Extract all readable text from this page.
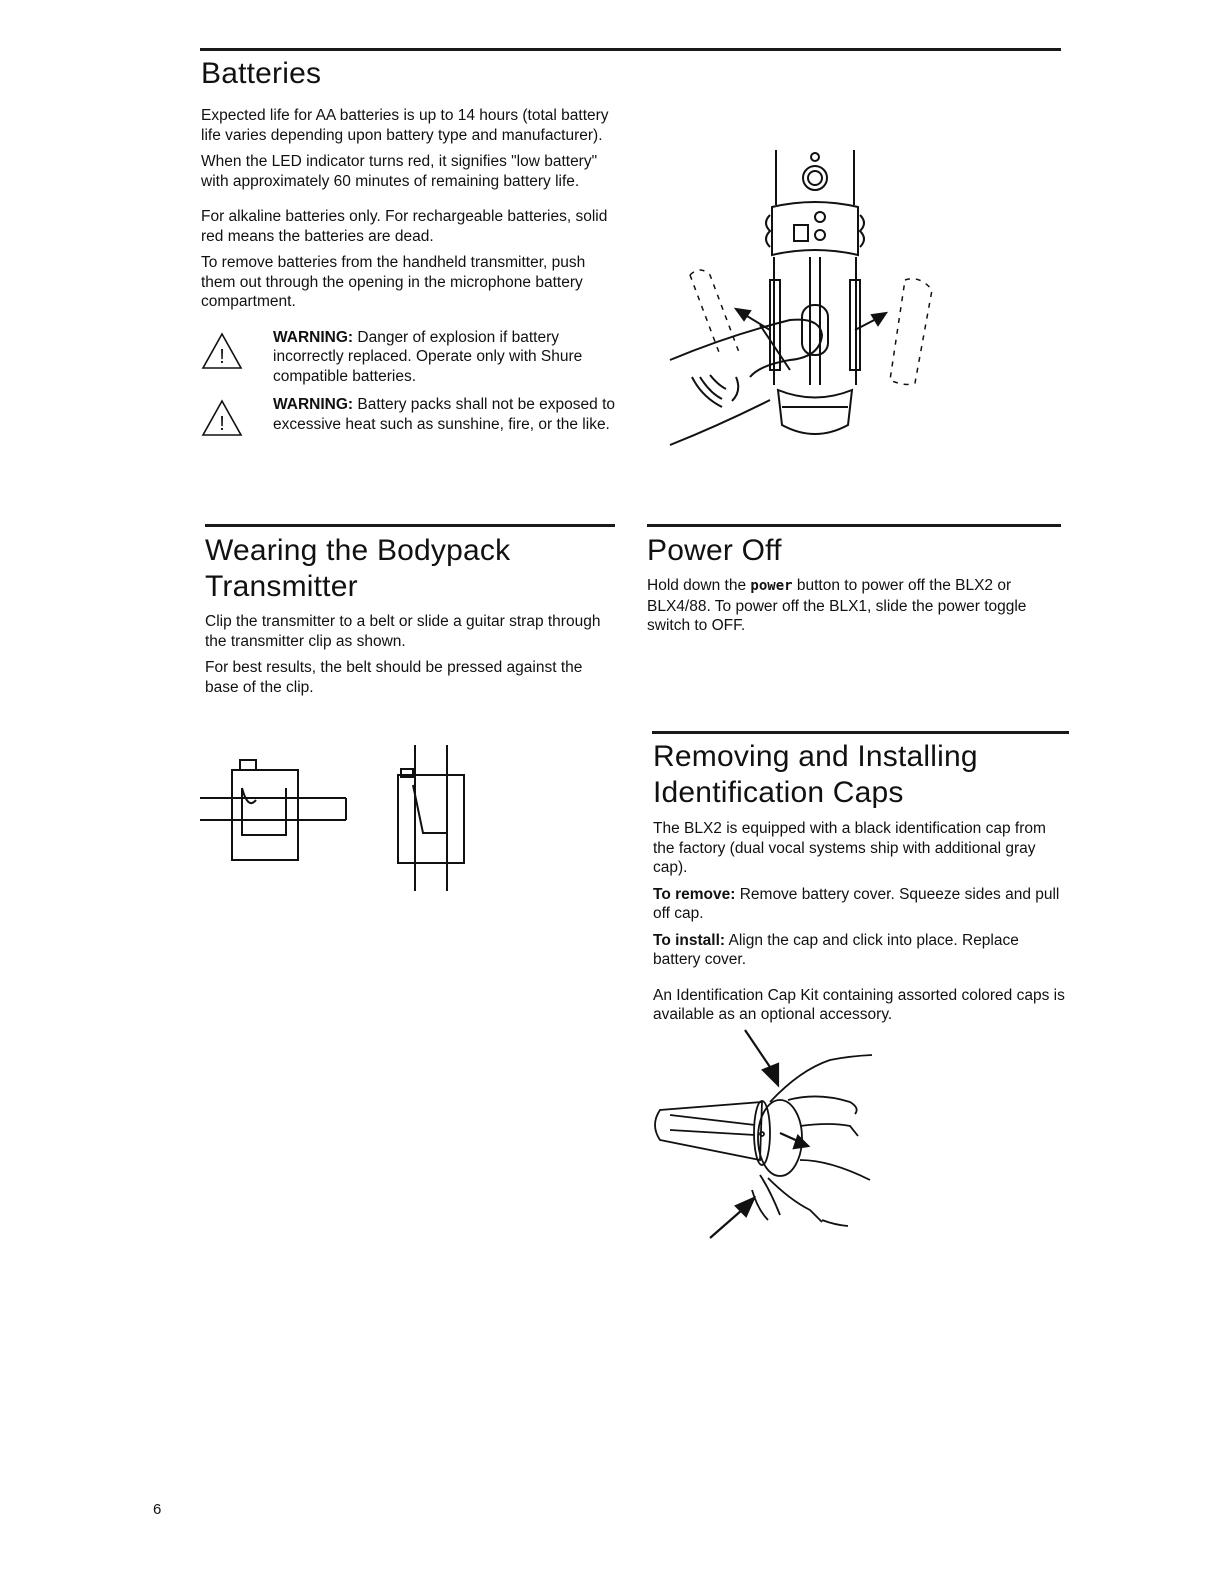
Batteries

Expected life for AA batteries is up to 14 hours (total battery life varies depending upon battery type and manufacturer).

When the LED indicator turns red, it signifies "low battery" with approximately 60 minutes of remaining battery life.

For alkaline batteries only. For rechargeable batteries, solid red means the batteries are dead.

To remove batteries from the handheld transmitter, push them out through the opening in the microphone battery compartment.

!
WARNING: Danger of explosion if battery incorrectly replaced. Operate only with Shure compatible batteries.
!
WARNING: Battery packs shall not be exposed to excessive heat such as sunshine, fire, or the like.
Wearing the Bodypack
Transmitter

Clip the transmitter to a belt or slide a guitar strap through the transmitter clip as shown.

For best results, the belt should be pressed against the base of the clip.

Power Off

Hold down the power button to power off the BLX2 or BLX4/88. To power off the BLX1, slide the power toggle switch to OFF.

Removing and Installing
Identification Caps

The BLX2 is equipped with a black identification cap from the factory (dual vocal systems ship with additional gray cap).

To remove: Remove battery cover. Squeeze sides and pull off cap.

To install: Align the cap and click into place. Replace battery cover.

An Identification Cap Kit containing assorted colored caps is available as an optional accessory.

6
